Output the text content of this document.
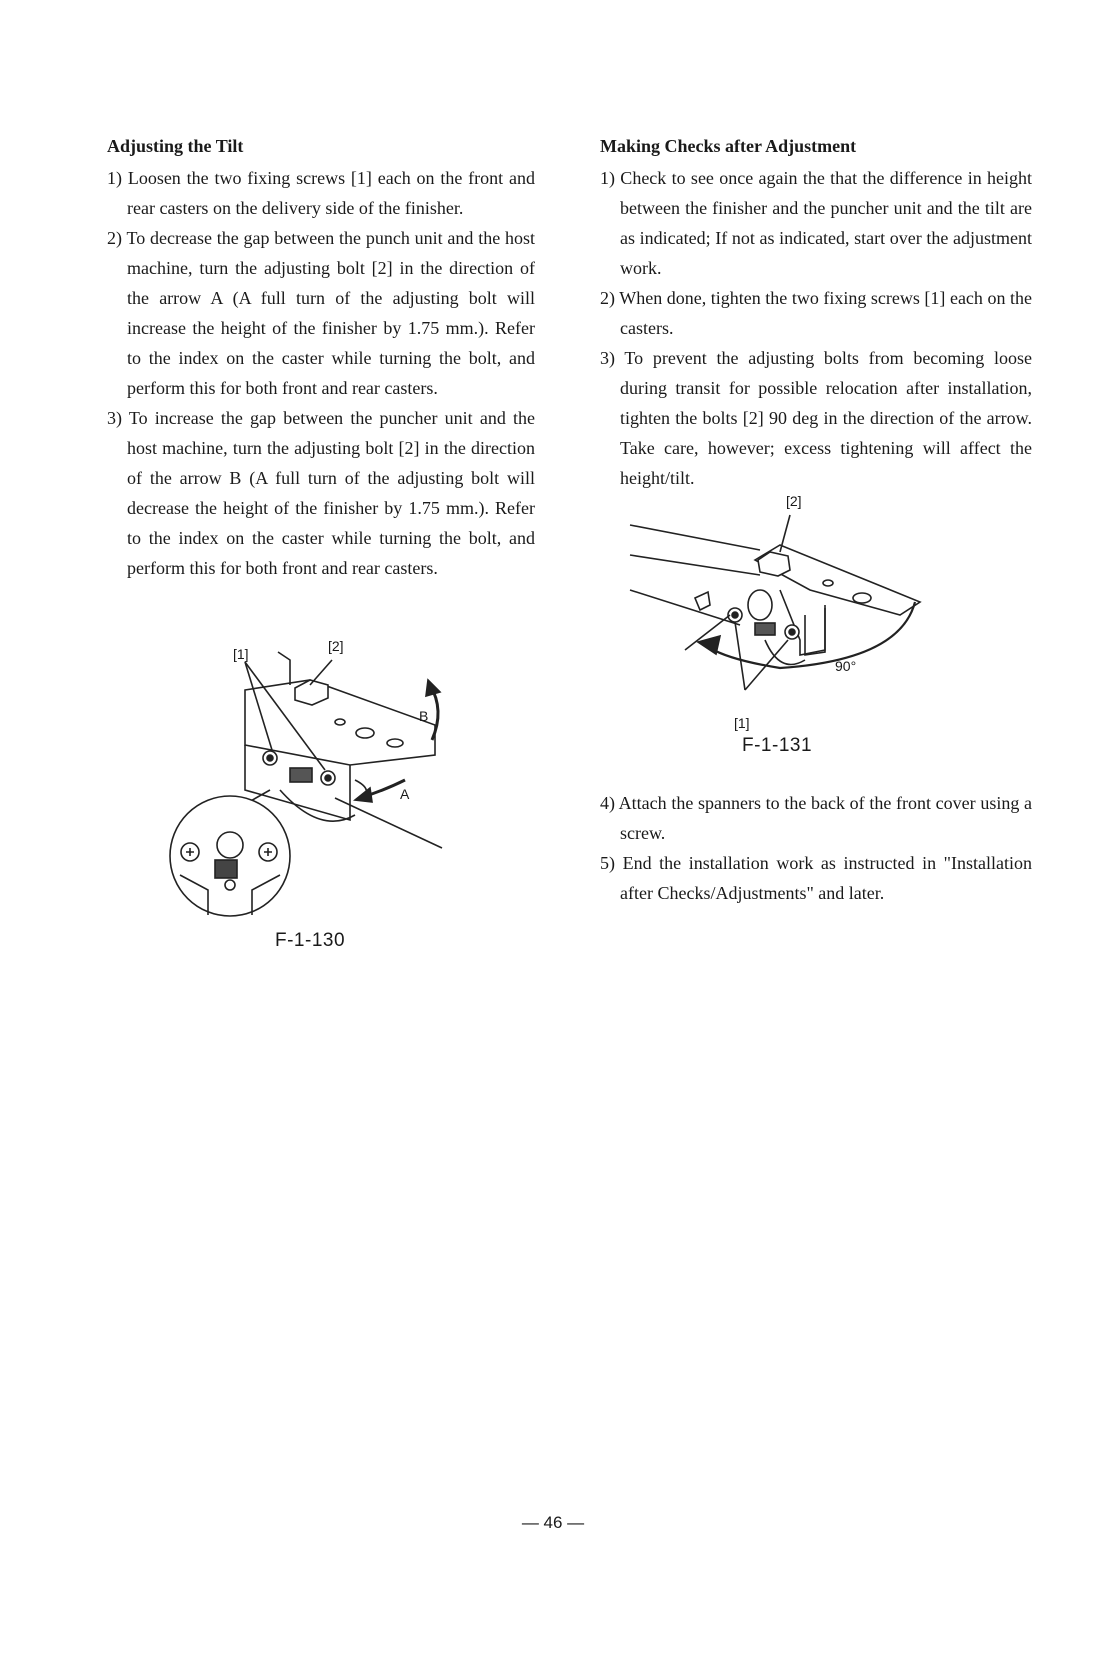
Adjusting the Tilt

1) Loosen the two fixing screws [1] each on the front and rear casters on the delivery side of the finisher.

2) To decrease the gap between the punch unit and the host machine, turn the adjusting bolt [2] in the direction of the arrow A (A full turn of the adjusting bolt will increase the height of the finisher by 1.75 mm.). Refer to the index on the caster while turning the bolt, and perform this for both front and rear casters.

3) To increase the gap between the puncher unit and the host machine, turn the adjusting bolt [2] in the direction of the arrow B (A full turn of the adjusting bolt will decrease the height of the finisher by 1.75 mm.). Refer to the index on the caster while turning the bolt, and perform this for both front and rear casters.

Making Checks after Adjustment

1) Check to see once again the that the difference in height between the finisher and the puncher unit and the tilt are as indicated; If not as indicated, start over the adjustment work.

2) When done, tighten the two fixing screws [1] each on the casters.

3) To prevent the adjusting bolts from becoming loose during transit for possible relocation after installation, tighten the bolts [2] 90 deg in the direction of the arrow. Take care, however; excess tightening will affect the height/tilt.

4) Attach the spanners to the back of the front cover using a screw.

5) End the installation work as instructed in "Installation after Checks/Adjustments" and later.

[1]	[2]
B
A
F-1-130
[2]
90°
[1]
F-1-131
— 46 —
